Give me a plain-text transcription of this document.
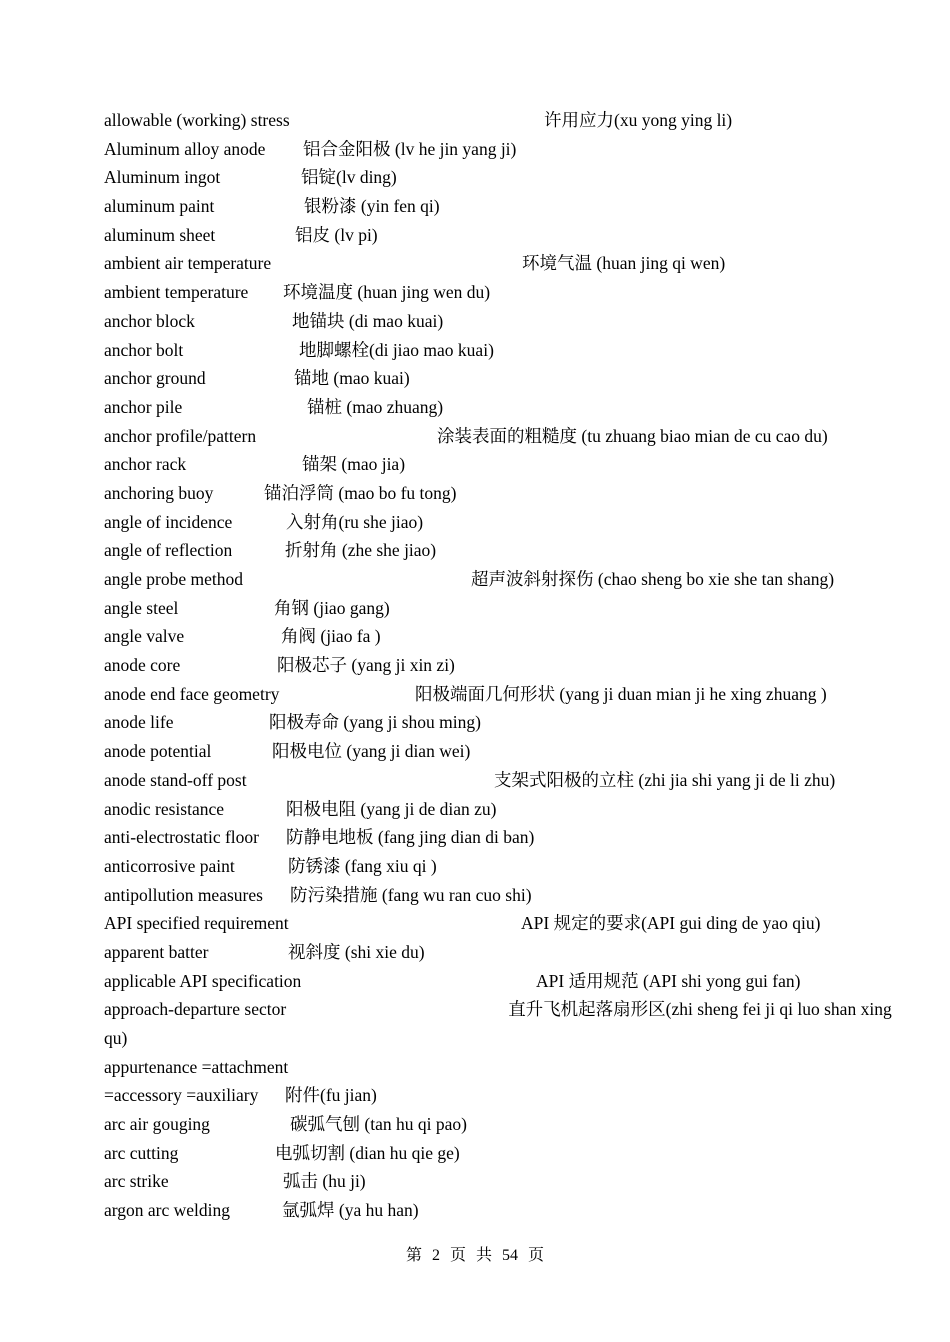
allowable (working) stress	许用应力(xu yong ying li)
Aluminum alloy anode 铝合金阳极 (lv he jin yang ji)
Aluminum ingot	铝锭(lv ding)
aluminum paint	银粉漆 (yin fen qi)
aluminum sheet	铝皮 (lv pi)
ambient air temperature	环境气温 (huan jing qi wen)
ambient temperature 环境温度 (huan jing wen du)
anchor block	地锚块 (di mao kuai)
anchor bolt	地脚螺栓(di jiao mao kuai)
anchor ground	锚地 (mao kuai)
anchor pile	锚桩 (mao zhuang)
anchor profile/pattern	涂装表面的粗糙度 (tu zhuang biao mian de cu cao du)
anchor rack	锚架 (mao jia)
anchoring buoy	锚泊浮筒 (mao bo fu tong)
angle of incidence	入射角(ru she jiao)
angle of reflection	折射角 (zhe she jiao)
angle probe method	超声波斜射探伤 (chao sheng bo xie she tan shang)
angle steel	角钢 (jiao gang)
angle valve	角阀 (jiao fa )
anode core	阳极芯子 (yang ji xin zi)
anode end face geometry	阳极端面几何形状 (yang ji duan mian ji he xing zhuang )
anode life	阳极寿命 (yang ji shou ming)
anode potential	阳极电位 (yang ji dian wei)
anode stand-off post	支架式阳极的立柱 (zhi jia shi yang ji de li zhu)
anodic resistance	阳极电阻 (yang ji de dian zu)
anti-electrostatic floor 防静电地板 (fang jing dian di ban)
anticorrosive paint	防锈漆 (fang xiu qi )
antipollution measures 防污染措施 (fang wu ran cuo shi)
API specified requirement	API 规定的要求(API gui ding de yao qiu)
apparent batter	视斜度 (shi xie du)
applicable API specification	API 适用规范 (API shi yong gui fan)
approach-departure sector	直升飞机起落扇形区(zhi sheng fei ji qi luo shan xing qu)
appurtenance =attachment
=accessory =auxiliary 附件(fu jian)
arc air gouging	碳弧气刨 (tan hu qi pao)
arc cutting	电弧切割 (dian hu qie ge)
arc strike	弧击 (hu ji)
argon arc welding	氩弧焊 (ya hu han)
第 2 页 共 54 页
